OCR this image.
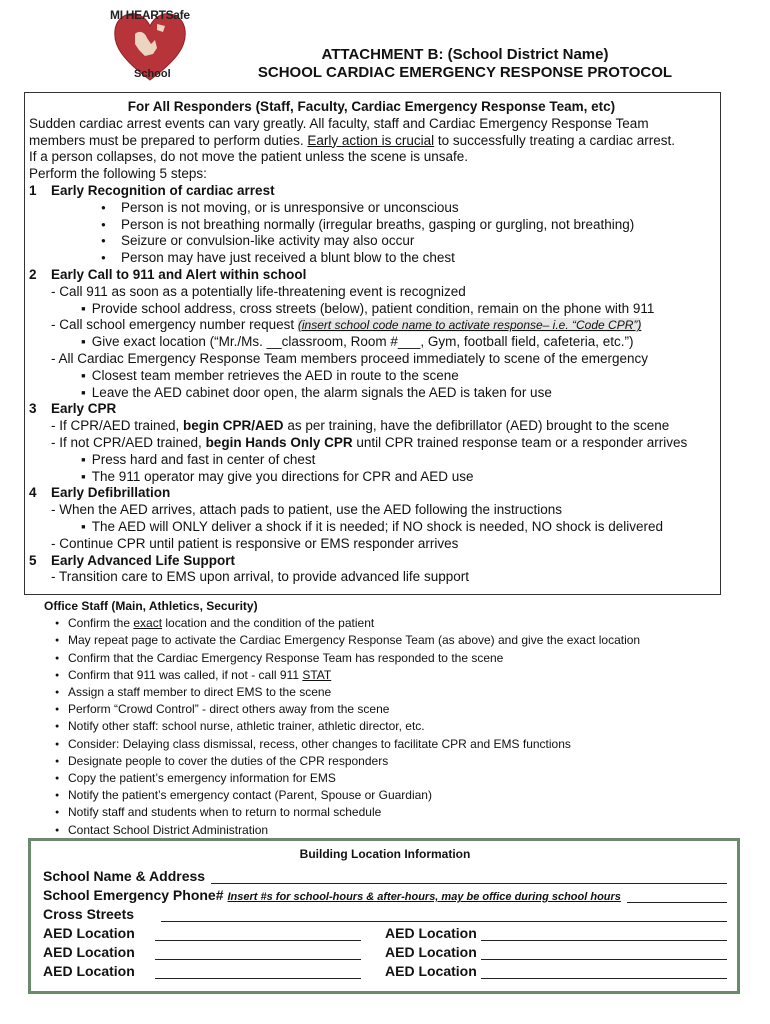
MI HEARTSafe
School
ATTACHMENT B: (School District Name)
SCHOOL CARDIAC EMERGENCY RESPONSE PROTOCOL
For All Responders (Staff, Faculty, Cardiac Emergency Response Team, etc)
Sudden cardiac arrest events can vary greatly. All faculty, staff and Cardiac Emergency Response Team
members must be prepared to perform duties. Early action is crucial to successfully treating a cardiac arrest.
If a person collapses, do not move the patient unless the scene is unsafe.
Perform the following 5 steps:
1	Early Recognition of cardiac arrest
● Person is not moving, or is unresponsive or unconscious
● Person is not breathing normally (irregular breaths, gasping or gurgling, not breathing)
● Seizure or convulsion-like activity may also occur
● Person may have just received a blunt blow to the chest
2	Early Call to 911 and Alert within school
- Call 911 as soon as a potentially life-threatening event is recognized
▪ Provide school address, cross streets (below), patient condition, remain on the phone with 911
- Call school emergency number request (insert school code name to activate response– i.e. “Code CPR”)
▪ Give exact location (“Mr./Ms. __classroom, Room #___, Gym, football field, cafeteria, etc.”)
- All Cardiac Emergency Response Team members proceed immediately to scene of the emergency
▪ Closest team member retrieves the AED in route to the scene
▪ Leave the AED cabinet door open, the alarm signals the AED is taken for use
3	Early CPR
- If CPR/AED trained, begin CPR/AED as per training, have the defibrillator (AED) brought to the scene
- If not CPR/AED trained, begin Hands Only CPR until CPR trained response team or a responder arrives
▪ Press hard and fast in center of chest
▪ The 911 operator may give you directions for CPR and AED use
4	Early Defibrillation
- When the AED arrives, attach pads to patient, use the AED following the instructions
▪ The AED will ONLY deliver a shock if it is needed; if NO shock is needed, NO shock is delivered
- Continue CPR until patient is responsive or EMS responder arrives
5	Early Advanced Life Support
- Transition care to EMS upon arrival, to provide advanced life support
Office Staff (Main, Athletics, Security)
● Confirm the exact location and the condition of the patient
● May repeat page to activate the Cardiac Emergency Response Team (as above) and give the exact location
● Confirm that the Cardiac Emergency Response Team has responded to the scene
● Confirm that 911 was called, if not - call 911 STAT
● Assign a staff member to direct EMS to the scene
● Perform “Crowd Control” - direct others away from the scene
● Notify other staff: school nurse, athletic trainer, athletic director, etc.
● Consider: Delaying class dismissal, recess, other changes to facilitate CPR and EMS functions
● Designate people to cover the duties of the CPR responders
● Copy the patient’s emergency information for EMS
● Notify the patient’s emergency contact (Parent, Spouse or Guardian)
● Notify staff and students when to return to normal schedule
● Contact School District Administration
Building Location Information
School Name & Address
School Emergency Phone# Insert #s for school-hours & after-hours, may be office during school hours
Cross Streets
AED Location	AED Location
AED Location	AED Location
AED Location	AED Location
